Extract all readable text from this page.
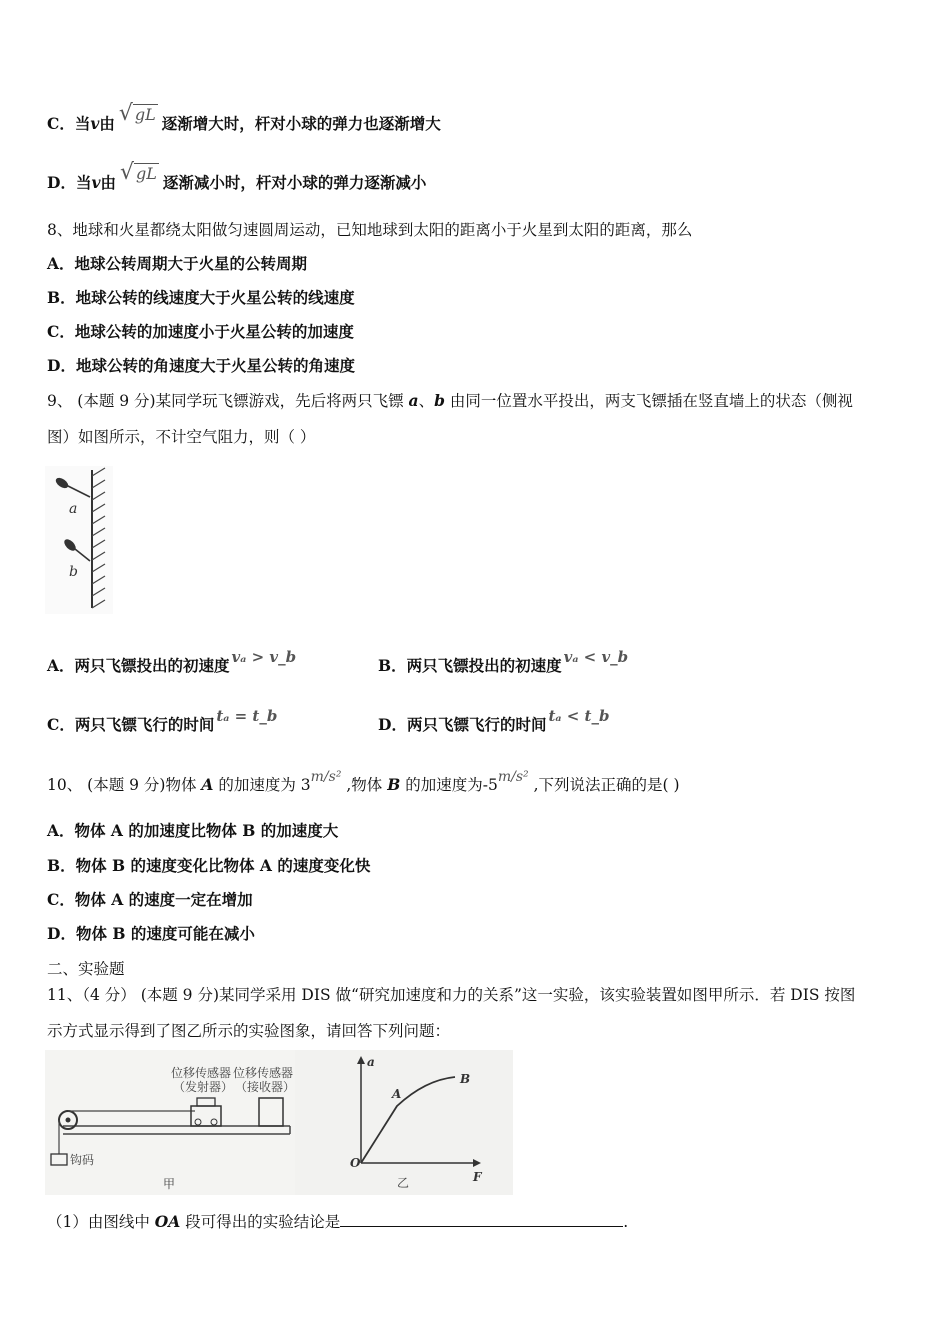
C．当v由 √ gL 逐渐增大时，杆对小球的弹力也逐渐增大
D．当v由 √ gL 逐渐减小时，杆对小球的弹力逐渐减小
8、地球和火星都绕太阳做匀速圆周运动，已知地球到太阳的距离小于火星到太阳的距离，那么
A．地球公转周期大于火星的公转周期
B．地球公转的线速度大于火星公转的线速度
C．地球公转的加速度小于火星公转的加速度
D．地球公转的角速度大于火星公转的角速度
9、 (本题 9 分)某同学玩飞镖游戏，先后将两只飞镖 a、b 由同一位置水平投出，两支飞镖插在竖直墙上的状态（侧视
图）如图所示，不计空气阻力，则（ ）
a
b
A．两只飞镖投出的初速度 vₐ > v_b	B．两只飞镖投出的初速度 vₐ < v_b
C．两只飞镖飞行的时间 tₐ = t_b	D．两只飞镖飞行的时间 tₐ < t_b
10、 (本题 9 分)物体 A 的加速度为 3m/s² ,物体 B 的加速度为-5m/s² ,下列说法正确的是( )
A．物体 A 的加速度比物体 B 的加速度大
B．物体 B 的速度变化比物体 A 的速度变化快
C．物体 A 的速度一定在增加
D．物体 B 的速度可能在减小
二、实验题
11、（4 分） (本题 9 分)某同学采用 DIS 做“研究加速度和力的关系”这一实验，该实验装置如图甲所示．若 DIS 按图
示方式显示得到了图乙所示的实验图象，请回答下列问题：
位移传感器
（发射器）
位移传感器
（接收器）
钩码
甲
a
F
O
A
B
乙
（1）由图线中 OA 段可得出的实验结论是	.
